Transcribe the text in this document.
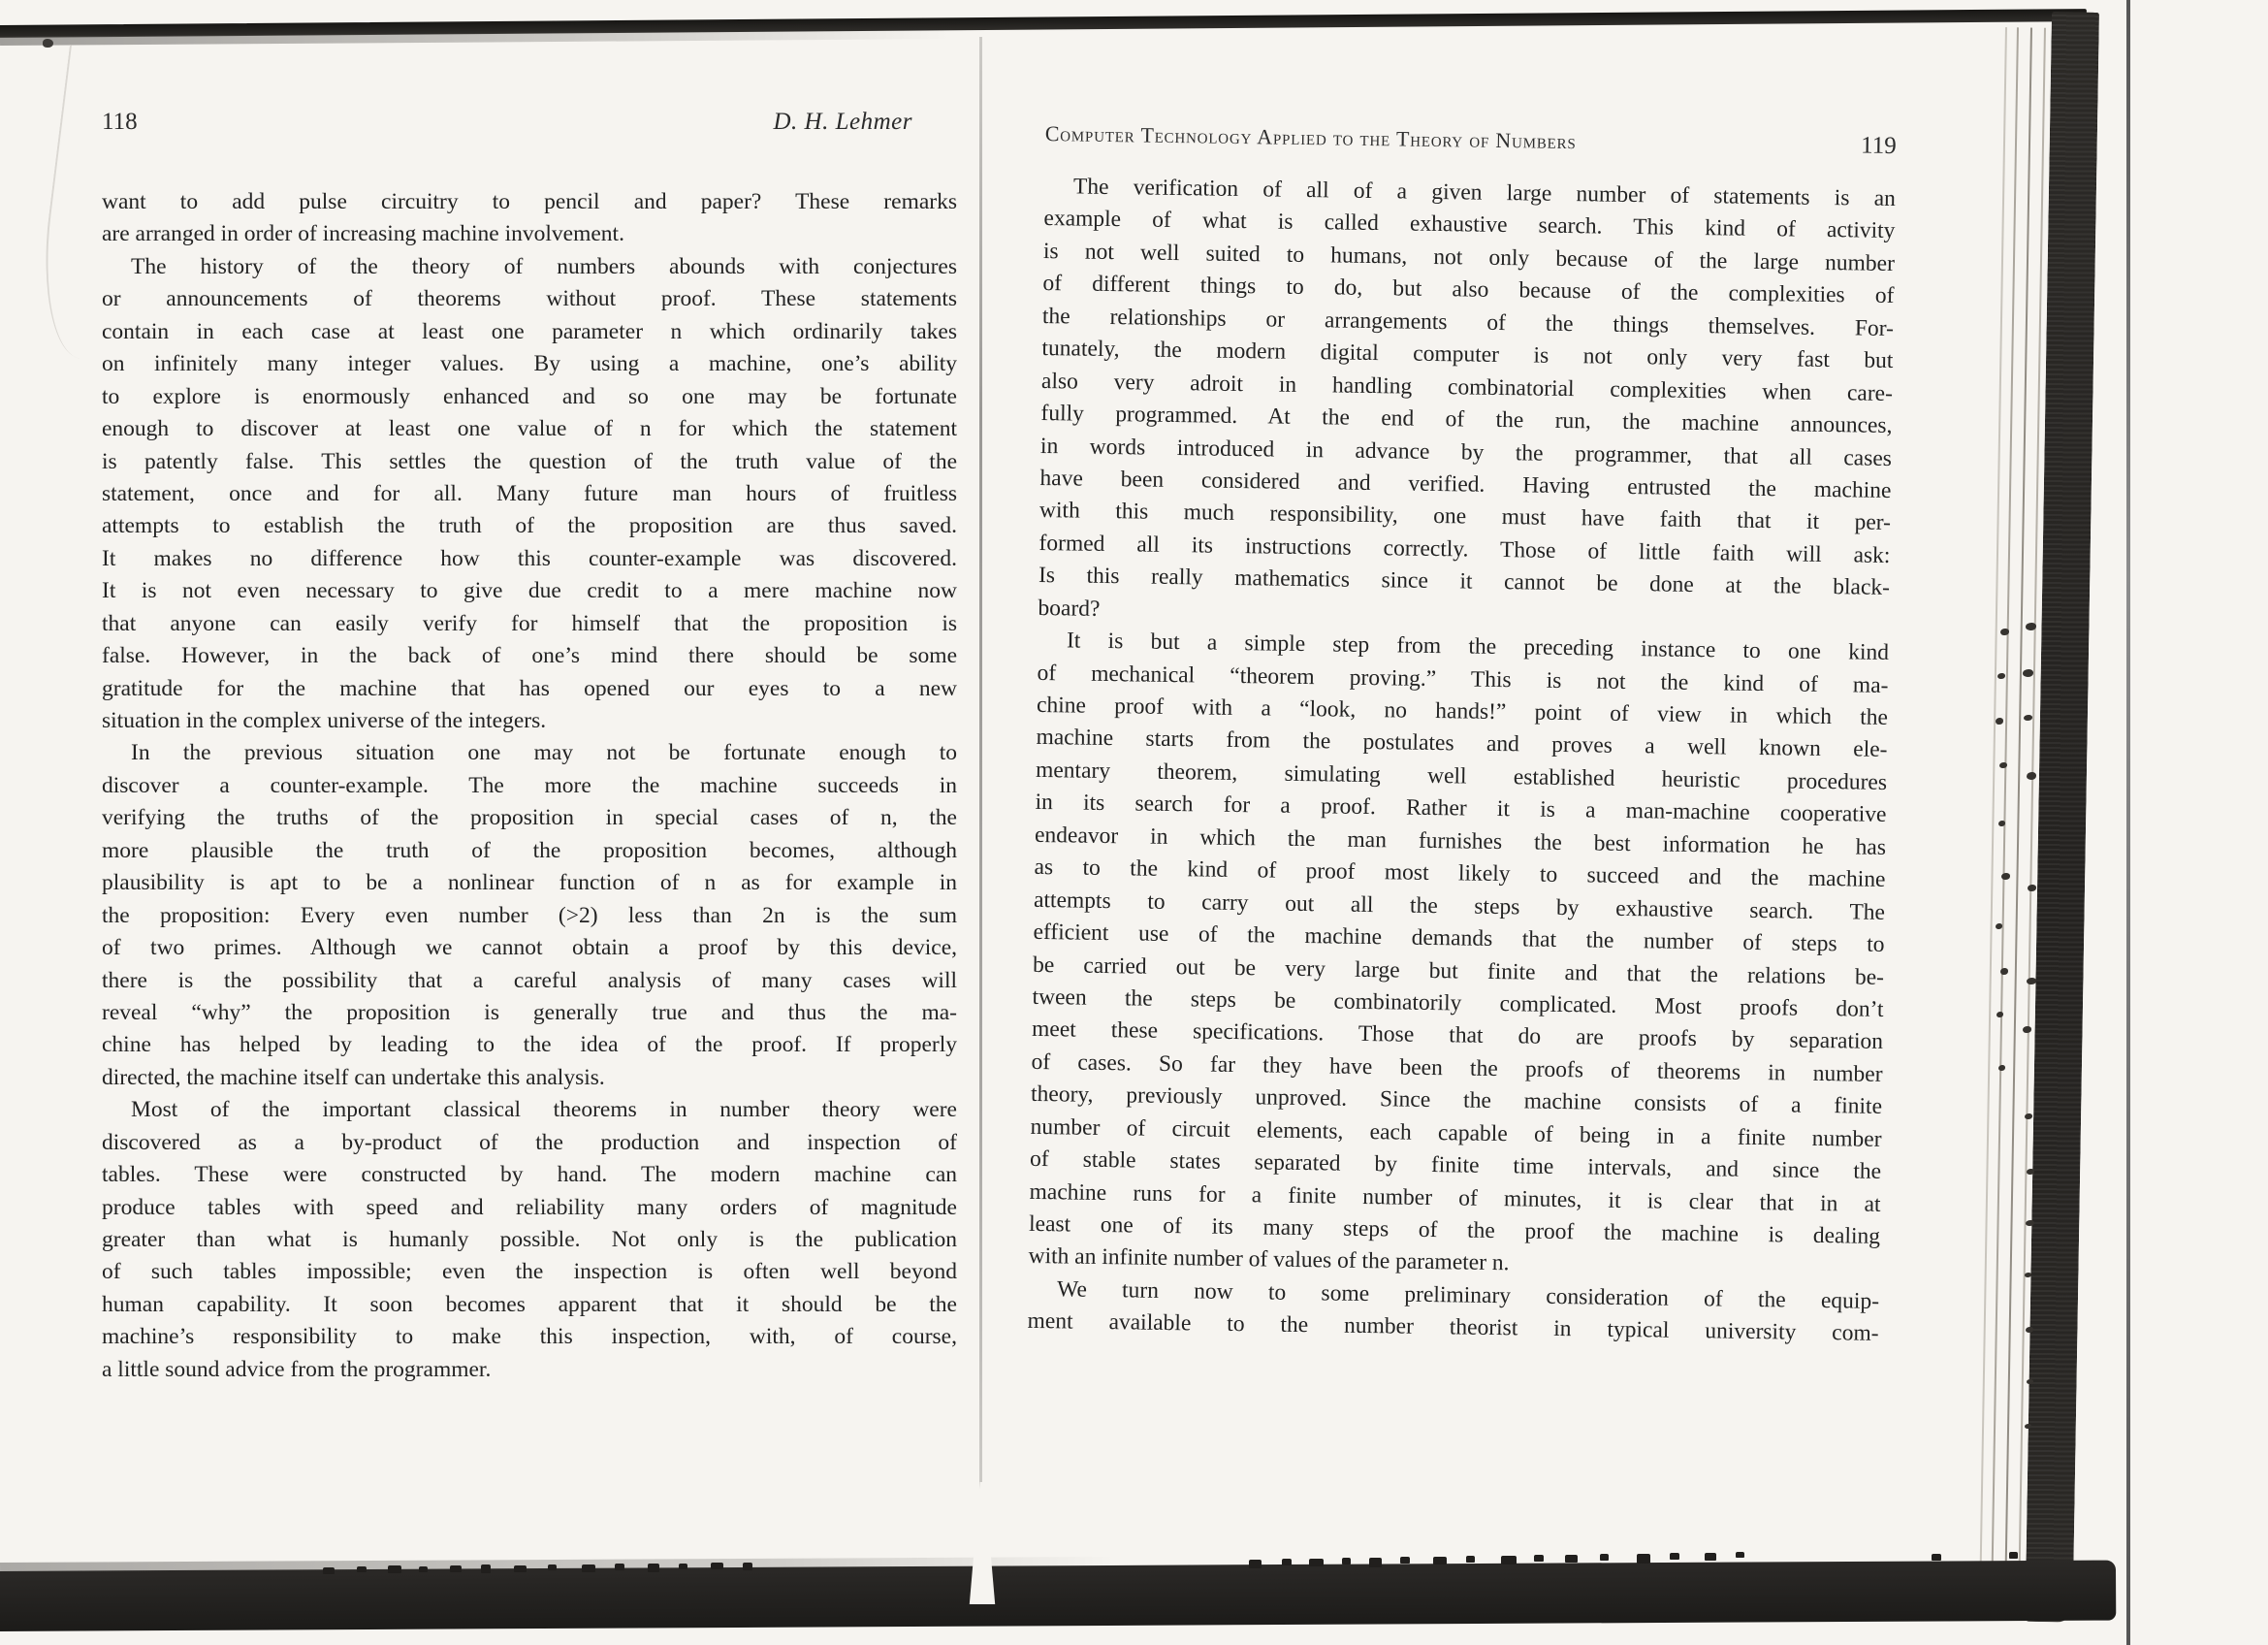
118	D. H. Lehmer
want to add pulse circuitry to pencil and paper? These remarks
are arranged in order of increasing machine involvement.
The history of the theory of numbers abounds with conjectures
or announcements of theorems without proof. These statements
contain in each case at least one parameter n which ordinarily takes
on infinitely many integer values. By using a machine, one’s ability
to explore is enormously enhanced and so one may be fortunate
enough to discover at least one value of n for which the statement
is patently false. This settles the question of the truth value of the
statement, once and for all. Many future man hours of fruitless
attempts to establish the truth of the proposition are thus saved.
It makes no difference how this counter-example was discovered.
It is not even necessary to give due credit to a mere machine now
that anyone can easily verify for himself that the proposition is
false. However, in the back of one’s mind there should be some
gratitude for the machine that has opened our eyes to a new
situation in the complex universe of the integers.
In the previous situation one may not be fortunate enough to
discover a counter-example. The more the machine succeeds in
verifying the truths of the proposition in special cases of n, the
more plausible the truth of the proposition becomes, although
plausibility is apt to be a nonlinear function of n as for example in
the proposition: Every even number (>2) less than 2n is the sum
of two primes. Although we cannot obtain a proof by this device,
there is the possibility that a careful analysis of many cases will
reveal “why” the proposition is generally true and thus the ma-
chine has helped by leading to the idea of the proof. If properly
directed, the machine itself can undertake this analysis.
Most of the important classical theorems in number theory were
discovered as a by-product of the production and inspection of
tables. These were constructed by hand. The modern machine can
produce tables with speed and reliability many orders of magnitude
greater than what is humanly possible. Not only is the publication
of such tables impossible; even the inspection is often well beyond
human capability. It soon becomes apparent that it should be the
machine’s responsibility to make this inspection, with, of course,
a little sound advice from the programmer.
Computer Technology Applied to the Theory of Numbers	119
The verification of all of a given large number of statements is an
example of what is called exhaustive search. This kind of activity
is not well suited to humans, not only because of the large number
of different things to do, but also because of the complexities of
the relationships or arrangements of the things themselves. For-
tunately, the modern digital computer is not only very fast but
also very adroit in handling combinatorial complexities when care-
fully programmed. At the end of the run, the machine announces,
in words introduced in advance by the programmer, that all cases
have been considered and verified. Having entrusted the machine
with this much responsibility, one must have faith that it per-
formed all its instructions correctly. Those of little faith will ask:
Is this really mathematics since it cannot be done at the black-
board?
It is but a simple step from the preceding instance to one kind
of mechanical “theorem proving.” This is not the kind of ma-
chine proof with a “look, no hands!” point of view in which the
machine starts from the postulates and proves a well known ele-
mentary theorem, simulating well established heuristic procedures
in its search for a proof. Rather it is a man-machine cooperative
endeavor in which the man furnishes the best information he has
as to the kind of proof most likely to succeed and the machine
attempts to carry out all the steps by exhaustive search. The
efficient use of the machine demands that the number of steps to
be carried out be very large but finite and that the relations be-
tween the steps be combinatorily complicated. Most proofs don’t
meet these specifications. Those that do are proofs by separation
of cases. So far they have been the proofs of theorems in number
theory, previously unproved. Since the machine consists of a finite
number of circuit elements, each capable of being in a finite number
of stable states separated by finite time intervals, and since the
machine runs for a finite number of minutes, it is clear that in at
least one of its many steps of the proof the machine is dealing
with an infinite number of values of the parameter n.
We turn now to some preliminary consideration of the equip-
ment available to the number theorist in typical university com-
